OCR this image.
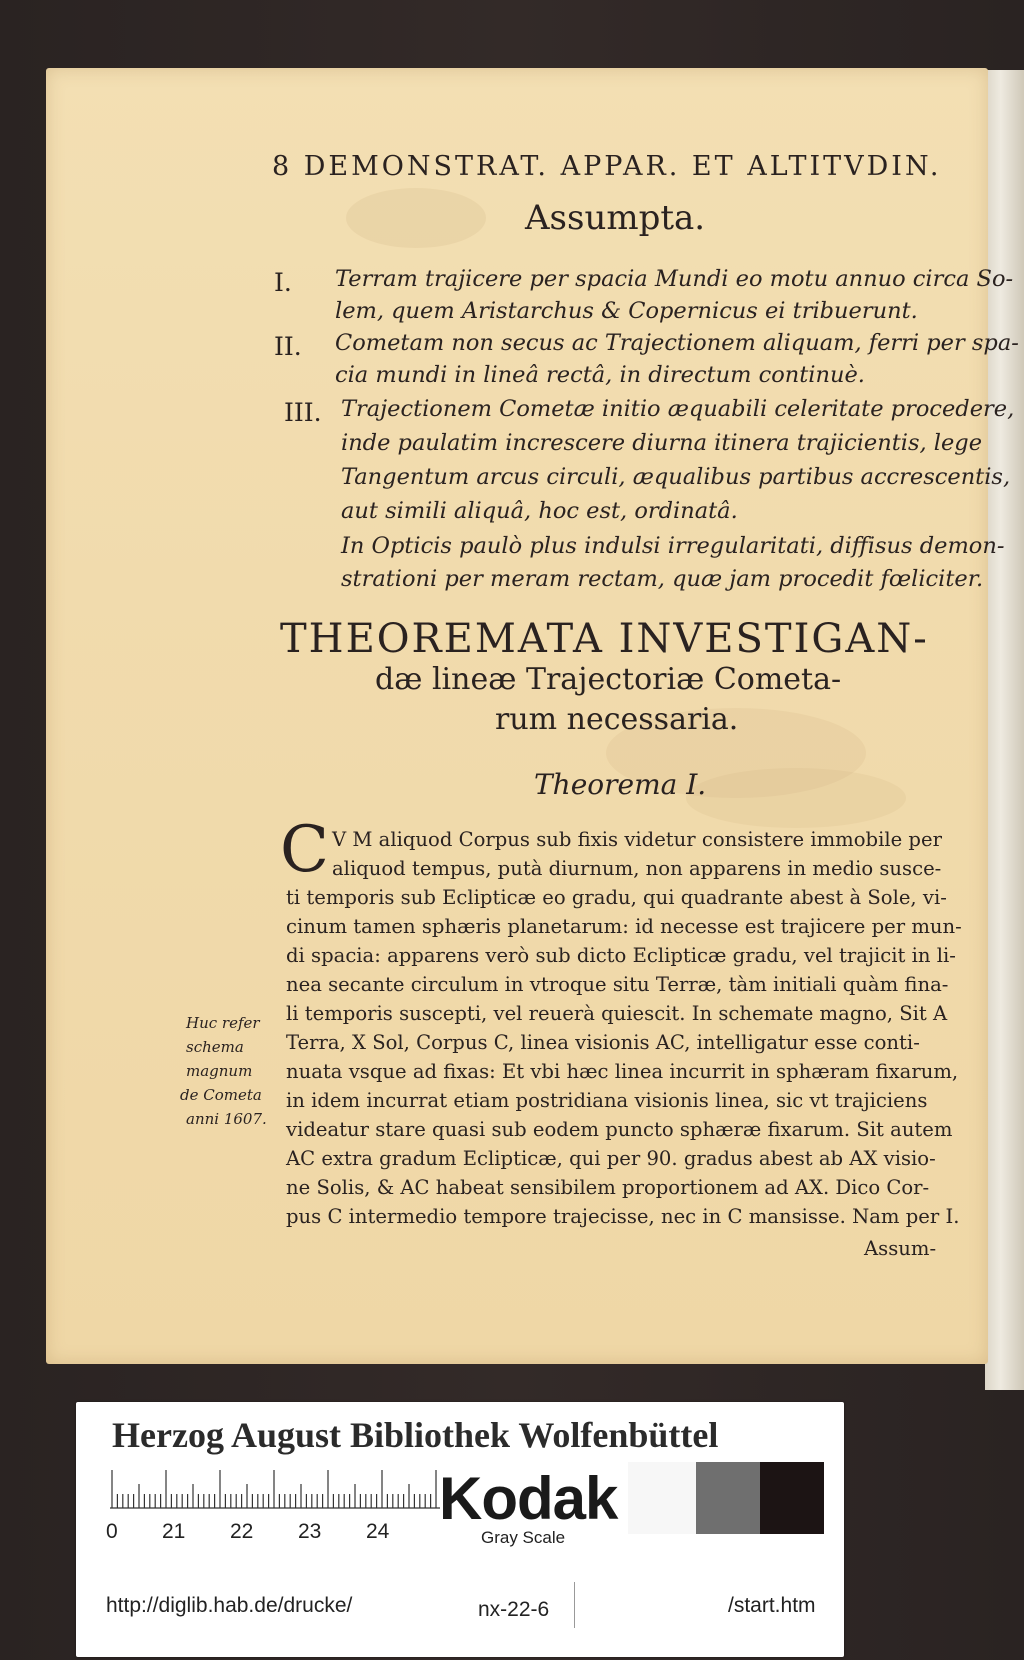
8 DEMONSTRAT. APPAR. ET ALTITVDIN.
Assumpta.
I. Terram trajicere per spacia Mundi eo motu annuo circa So-
lem, quem Aristarchus & Copernicus ei tribuerunt.
II. Cometam non secus ac Trajectionem aliquam, ferri per spa-
cia mundi in lineâ rectâ, in directum continuè.
III. Trajectionem Cometæ initio æquabili celeritate procedere,
inde paulatim increscere diurna itinera trajicientis, lege
Tangentum arcus circuli, æqualibus partibus accrescentis,
aut simili aliquâ, hoc est, ordinatâ.
In Opticis paulò plus indulsi irregularitati, diffisus demon-
strationi per meram rectam, quæ jam procedit fœliciter.
THEOREMATA INVESTIGAN-
dæ lineæ Trajectoriæ Cometa-
rum necessaria.
Theorema I.
C V M aliquod Corpus sub fixis videtur consistere immobile per
aliquod tempus, putà diurnum, non apparens in medio susce-
ti temporis sub Eclipticæ eo gradu, qui quadrante abest à Sole, vi-
cinum tamen sphæris planetarum: id necesse est trajicere per mun-
di spacia: apparens verò sub dicto Eclipticæ gradu, vel trajicit in li-
nea secante circulum in vtroque situ Terræ, tàm initiali quàm fina-
li temporis suscepti, vel reuerà quiescit. In schemate magno, Sit A
Terra, X Sol, Corpus C, linea visionis AC, intelligatur esse conti-
nuata vsque ad fixas: Et vbi hæc linea incurrit in sphæram fixarum,
in idem incurrat etiam postridiana visionis linea, sic vt trajiciens
videatur stare quasi sub eodem puncto sphæræ fixarum. Sit autem
AC extra gradum Eclipticæ, qui per 90. gradus abest ab AX visio-
ne Solis, & AC habeat sensibilem proportionem ad AX. Dico Cor-
pus C intermedio tempore trajecisse, nec in C mansisse. Nam per I.
Assum-
Huc refer
schema
magnum
de Cometa
anni 1607.
Herzog August Bibliothek Wolfenbüttel
0 21 22 23 24 Kodak
Gray Scale
http://diglib.hab.de/drucke/	nx-22-6	/start.htm
